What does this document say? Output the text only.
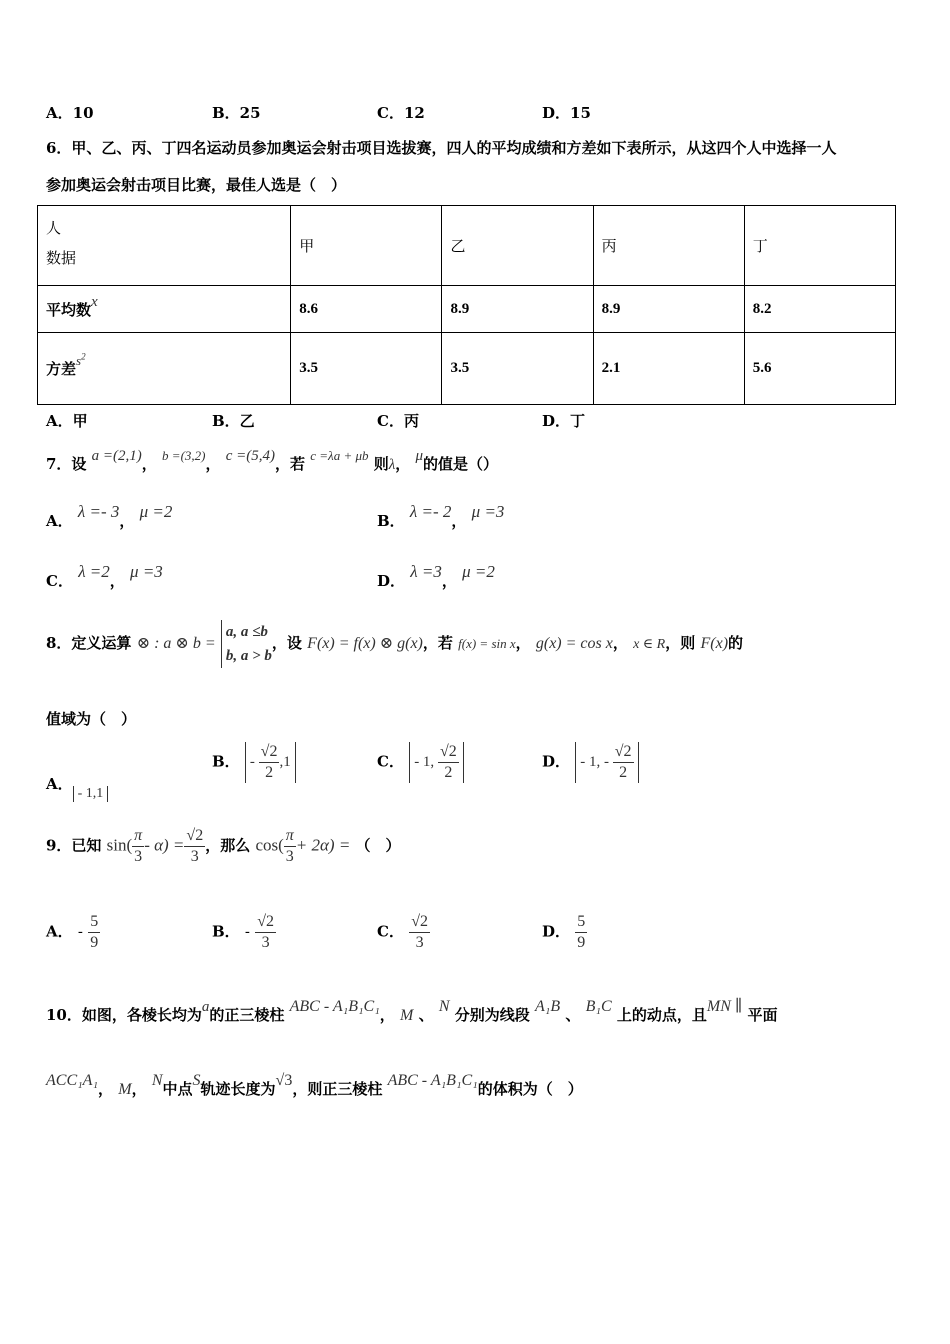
A．10	B．25	C．12	D．15
6．甲、乙、丙、丁四名运动员参加奥运会射击项目选拔赛，四人的平均成绩和方差如下表所示，从这四个人中选择一人
参加奥运会射击项目比赛，最佳人选是（　）
人
数据	甲	乙	丙	丁
平均数x	8.6	8.9	8.9	8.2
方差$s^2$	3.5	3.5	2.1	5.6
A．甲	B．乙	C．丙	D．丁
7．设 a =(2,1)， b =(3,2)， c =(5,4)，若 c =λa + μb 则λ， μ的值是（）
A． λ =- 3， μ =2	B． λ =- 2， μ =3
C． λ =2， μ =3	D． λ =3， μ =2
8．定义运算 ⊗ : a ⊗ b =
a, a ≤b
b, a > b
，设 F(x) = f(x) ⊗ g(x)，若 f(x) = sin x， g(x) = cos x， x ∈ R，则 F(x)的
值域为（　）
A．- 1,1
B． - $\frac{√2}{2} ,1$	C． - 1, $\frac{√2}{2}$	D． - 1, - $\frac{√2}{2}$
9．已知 $\sin( \frac{\pi}{3} - \alpha) = \frac{√2}{3}$ ，那么 $\cos( \frac{\pi}{3} + 2\alpha)$ = （　）
A． - $\frac{5}{9}$	B． - $\frac{√2}{3}$	C． $\frac{√2}{3}$	D． $\frac{5}{9}$
10．如图，各棱长均为a的正三棱柱 ABC - A₁B₁C₁， M 、 N 分别为线段 A₁B 、 B₁C 上的动点，且MN ∥ 平面
ACC₁A₁， M， N中点S轨迹长度为√3，则正三棱柱 ABC - A₁B₁C₁的体积为（　）
